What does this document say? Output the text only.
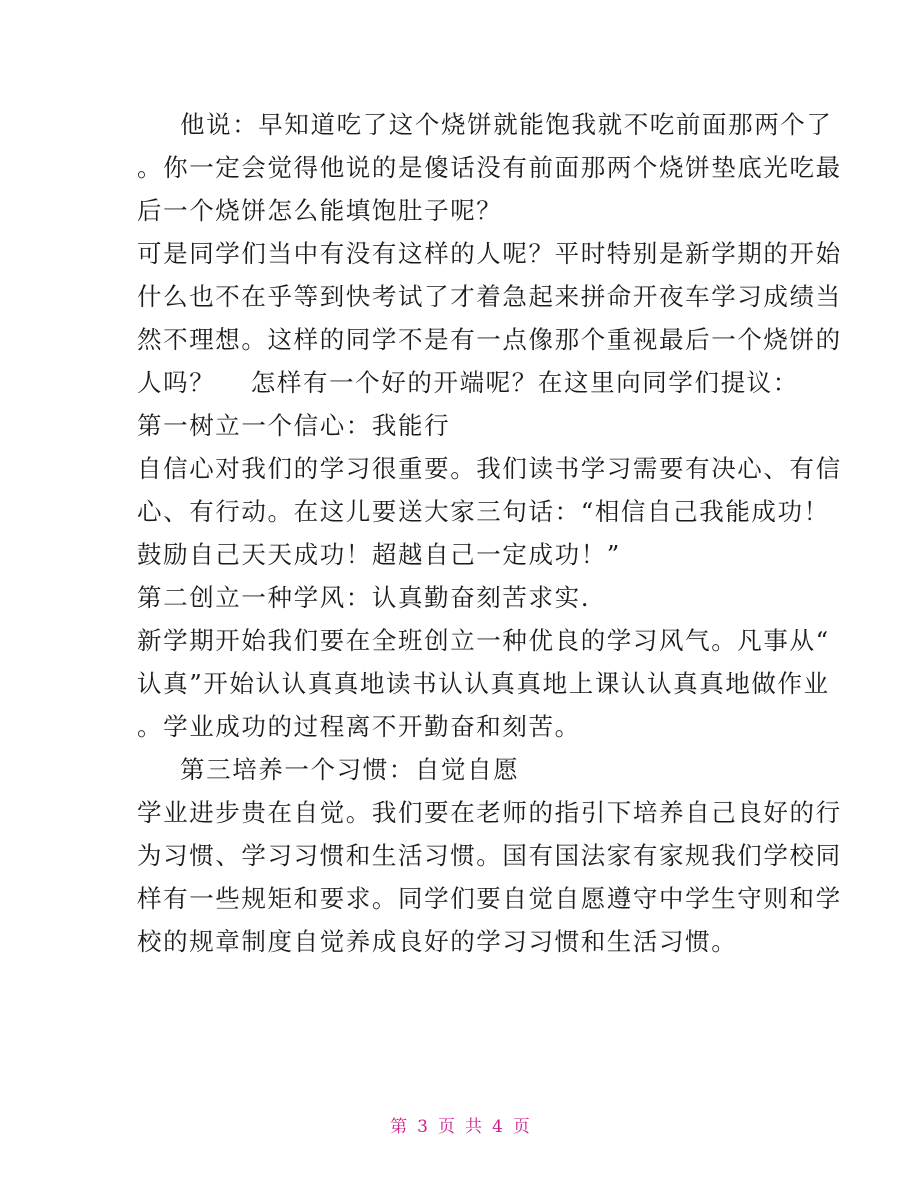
他说：早知道吃了这个烧饼就能饱我就不吃前面那两个了

。你一定会觉得他说的是傻话没有前面那两个烧饼垫底光吃最

后一个烧饼怎么能填饱肚子呢？

可是同学们当中有没有这样的人呢？平时特别是新学期的开始

什么也不在乎等到快考试了才着急起来拼命开夜车学习成绩当

然不理想。这样的同学不是有一点像那个重视最后一个烧饼的

人吗？　 怎样有一个好的开端呢？在这里向同学们提议：

第一树立一个信心：我能行

自信心对我们的学习很重要。我们读书学习需要有决心、有信

心、有行动。在这儿要送大家三句话：“相信自己我能成功！

鼓励自己天天成功！超越自己一定成功！”

第二创立一种学风：认真勤奋刻苦求实.

新学期开始我们要在全班创立一种优良的学习风气。凡事从“

认真”开始认认真真地读书认认真真地上课认认真真地做作业

。学业成功的过程离不开勤奋和刻苦。

第三培养一个习惯：自觉自愿

学业进步贵在自觉。我们要在老师的指引下培养自己良好的行

为习惯、学习习惯和生活习惯。国有国法家有家规我们学校同

样有一些规矩和要求。同学们要自觉自愿遵守中学生守则和学

校的规章制度自觉养成良好的学习习惯和生活习惯。

第 3 页 共 4 页
